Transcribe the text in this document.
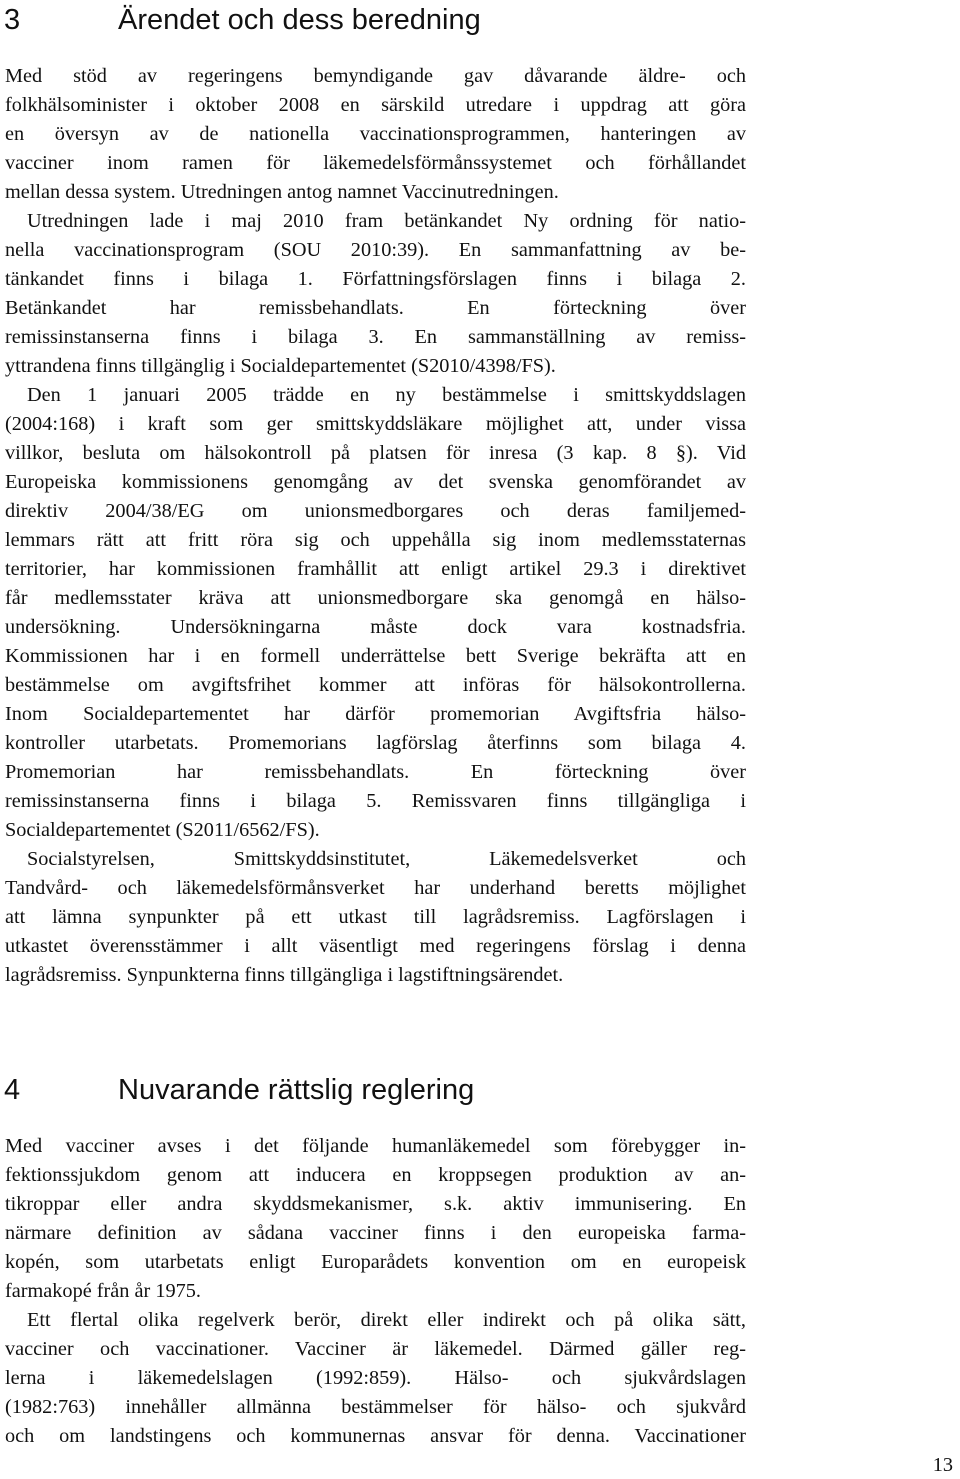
3	Ärendet och dess beredning
Med stöd av regeringens bemyndigande gav dåvarande äldre- och
folkhälsominister i oktober 2008 en särskild utredare i uppdrag att göra
en översyn av de nationella vaccinationsprogrammen, hanteringen av
vacciner inom ramen för läkemedelsförmånssystemet och förhållandet
mellan dessa system. Utredningen antog namnet Vaccinutredningen.
Utredningen lade i maj 2010 fram betänkandet Ny ordning för natio-
nella vaccinationsprogram (SOU 2010:39). En sammanfattning av be-
tänkandet finns i bilaga 1. Författningsförslagen finns i bilaga 2.
Betänkandet har remissbehandlats. En förteckning över
remissinstanserna finns i bilaga 3. En sammanställning av remiss-
yttrandena finns tillgänglig i Socialdepartementet (S2010/4398/FS).
Den 1 januari 2005 trädde en ny bestämmelse i smittskyddslagen
(2004:168) i kraft som ger smittskyddsläkare möjlighet att, under vissa
villkor, besluta om hälsokontroll på platsen för inresa (3 kap. 8 §). Vid
Europeiska kommissionens genomgång av det svenska genomförandet av
direktiv 2004/38/EG om unionsmedborgares och deras familjemed-
lemmars rätt att fritt röra sig och uppehålla sig inom medlemsstaternas
territorier, har kommissionen framhållit att enligt artikel 29.3 i direktivet
får medlemsstater kräva att unionsmedborgare ska genomgå en hälso-
undersökning. Undersökningarna måste dock vara kostnadsfria.
Kommissionen har i en formell underrättelse bett Sverige bekräfta att en
bestämmelse om avgiftsfrihet kommer att införas för hälsokontrollerna.
Inom Socialdepartementet har därför promemorian Avgiftsfria hälso-
kontroller utarbetats. Promemorians lagförslag återfinns som bilaga 4.
Promemorian har remissbehandlats. En förteckning över
remissinstanserna finns i bilaga 5. Remissvaren finns tillgängliga i
Socialdepartementet (S2011/6562/FS).
Socialstyrelsen, Smittskyddsinstitutet, Läkemedelsverket och
Tandvård- och läkemedelsförmånsverket har underhand beretts möjlighet
att lämna synpunkter på ett utkast till lagrådsremiss. Lagförslagen i
utkastet överensstämmer i allt väsentligt med regeringens förslag i denna
lagrådsremiss. Synpunkterna finns tillgängliga i lagstiftningsärendet.
4	Nuvarande rättslig reglering
Med vacciner avses i det följande humanläkemedel som förebygger in-
fektionssjukdom genom att inducera en kroppsegen produktion av an-
tikroppar eller andra skyddsmekanismer, s.k. aktiv immunisering. En
närmare definition av sådana vacciner finns i den europeiska farma-
kopén, som utarbetats enligt Europarådets konvention om en europeisk
farmakopé från år 1975.
Ett flertal olika regelverk berör, direkt eller indirekt och på olika sätt,
vacciner och vaccinationer. Vacciner är läkemedel. Därmed gäller reg-
lerna i läkemedelslagen (1992:859). Hälso- och sjukvårdslagen
(1982:763) innehåller allmänna bestämmelser för hälso- och sjukvård
och om landstingens och kommunernas ansvar för denna. Vaccinationer

13
